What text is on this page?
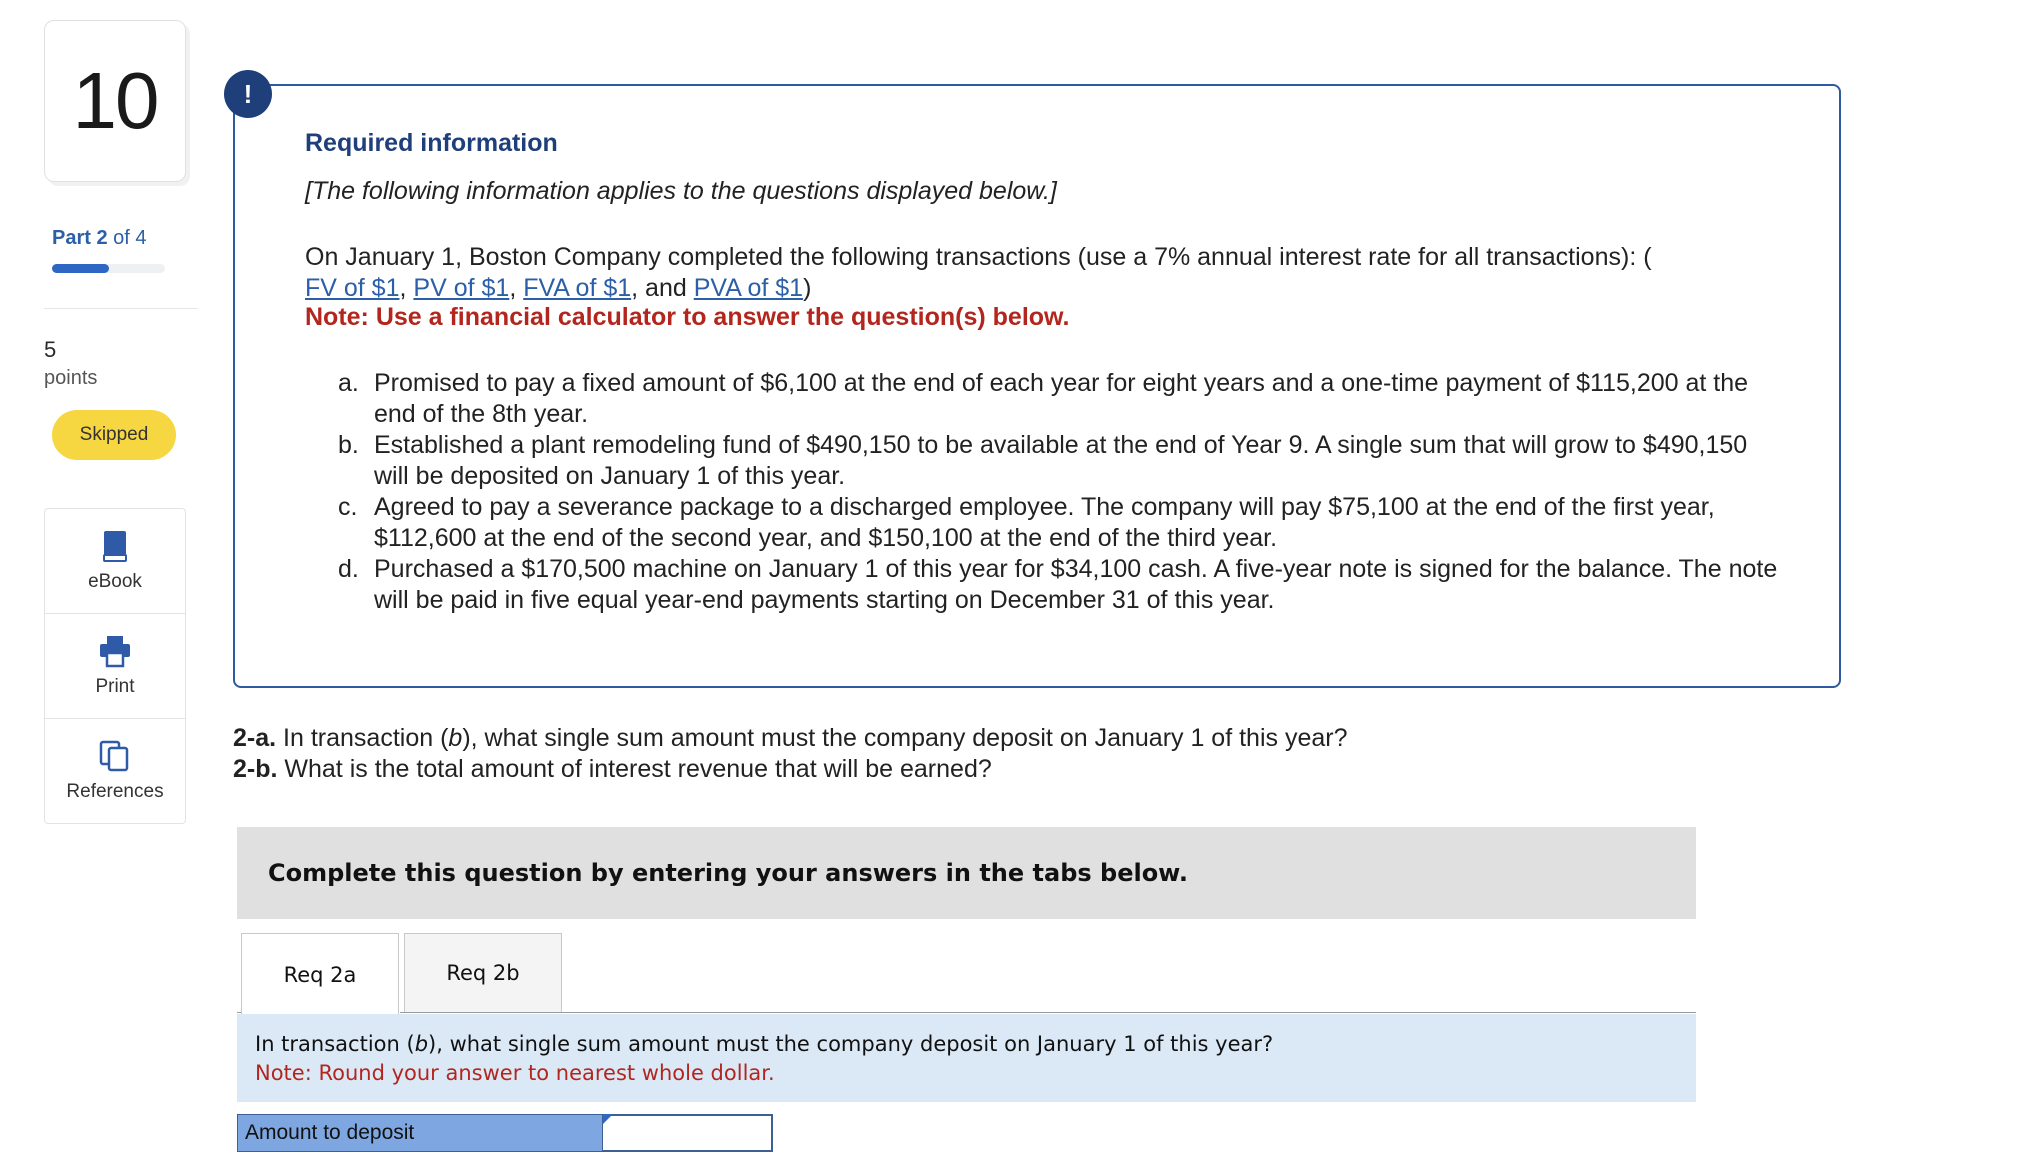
10
Part 2 of 4
5
points
Skipped
eBook
Print
References
!
Required information
[The following information applies to the questions displayed below.]
On January 1, Boston Company completed the following transactions (use a 7% annual interest rate for all transactions): (
FV of $1, PV of $1, FVA of $1, and PVA of $1)
Note: Use a financial calculator to answer the question(s) below.
a. Promised to pay a fixed amount of $6,100 at the end of each year for eight years and a one-time payment of $115,200 at the end of the 8th year.
b. Established a plant remodeling fund of $490,150 to be available at the end of Year 9. A single sum that will grow to $490,150 will be deposited on January 1 of this year.
c. Agreed to pay a severance package to a discharged employee. The company will pay $75,100 at the end of the first year, $112,600 at the end of the second year, and $150,100 at the end of the third year.
d. Purchased a $170,500 machine on January 1 of this year for $34,100 cash. A five-year note is signed for the balance. The note will be paid in five equal year-end payments starting on December 31 of this year.
2-a. In transaction (b), what single sum amount must the company deposit on January 1 of this year?
2-b. What is the total amount of interest revenue that will be earned?
Complete this question by entering your answers in the tabs below.
Req 2a	Req 2b
In transaction (b), what single sum amount must the company deposit on January 1 of this year?
Note: Round your answer to nearest whole dollar.
Amount to deposit
